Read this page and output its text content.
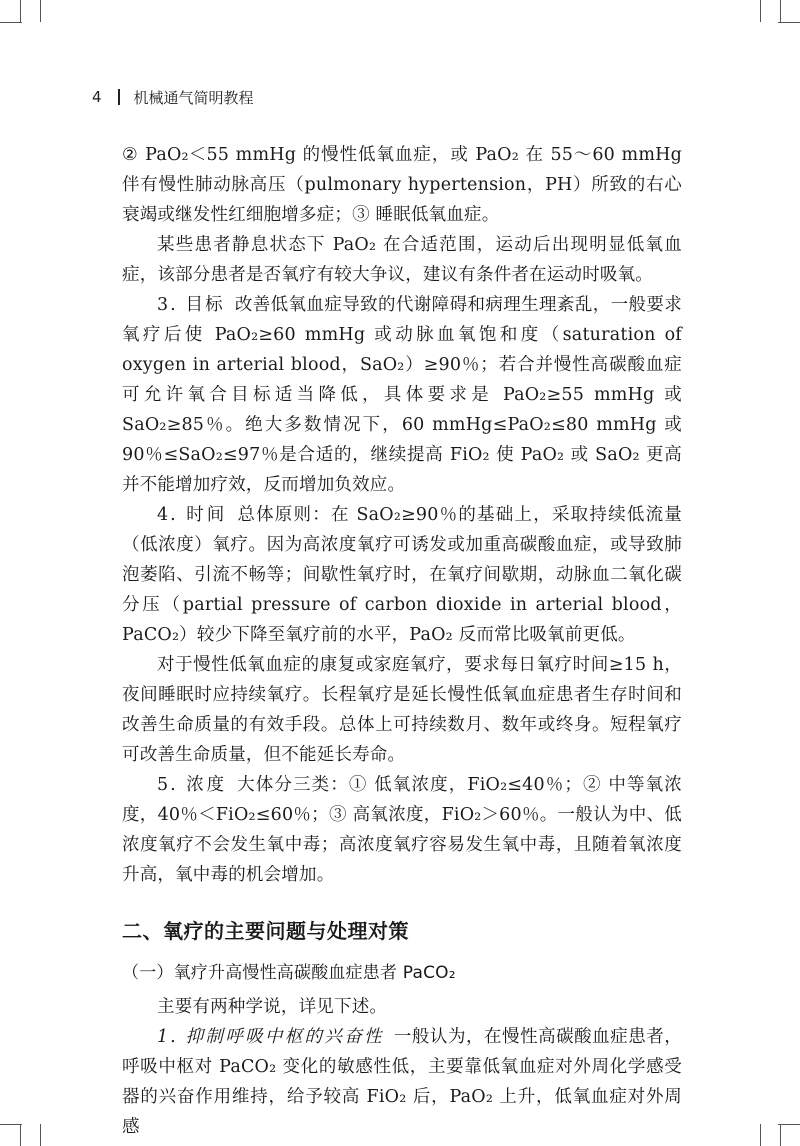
4 机械通气简明教程

② PaO₂＜55 mmHg 的慢性低氧血症，或 PaO₂ 在 55～60 mmHg 伴有慢性肺动脉高压（pulmonary hypertension，PH）所致的右心衰竭或继发性红细胞增多症；③ 睡眠低氧血症。

某些患者静息状态下 PaO₂ 在合适范围，运动后出现明显低氧血症，该部分患者是否氧疗有较大争议，建议有条件者在运动时吸氧。

3. 目标 改善低氧血症导致的代谢障碍和病理生理紊乱，一般要求氧疗后使 PaO₂≥60 mmHg 或动脉血氧饱和度（saturation of oxygen in arterial blood，SaO₂）≥90％；若合并慢性高碳酸血症可允许氧合目标适当降低，具体要求是 PaO₂≥55 mmHg 或 SaO₂≥85％。绝大多数情况下，60 mmHg≤PaO₂≤80 mmHg 或 90％≤SaO₂≤97％是合适的，继续提高 FiO₂ 使 PaO₂ 或 SaO₂ 更高并不能增加疗效，反而增加负效应。

4. 时间 总体原则：在 SaO₂≥90％的基础上，采取持续低流量（低浓度）氧疗。因为高浓度氧疗可诱发或加重高碳酸血症，或导致肺泡萎陷、引流不畅等；间歇性氧疗时，在氧疗间歇期，动脉血二氧化碳分压（partial pressure of carbon dioxide in arterial blood，PaCO₂）较少下降至氧疗前的水平，PaO₂ 反而常比吸氧前更低。

对于慢性低氧血症的康复或家庭氧疗，要求每日氧疗时间≥15 h，夜间睡眠时应持续氧疗。长程氧疗是延长慢性低氧血症患者生存时间和改善生命质量的有效手段。总体上可持续数月、数年或终身。短程氧疗可改善生命质量，但不能延长寿命。

5. 浓度 大体分三类：① 低氧浓度，FiO₂≤40％；② 中等氧浓度，40％＜FiO₂≤60％；③ 高氧浓度，FiO₂＞60％。一般认为中、低浓度氧疗不会发生氧中毒；高浓度氧疗容易发生氧中毒，且随着氧浓度升高，氧中毒的机会增加。

二、氧疗的主要问题与处理对策
（一）氧疗升高慢性高碳酸血症患者 PaCO₂

主要有两种学说，详见下述。

1. 抑制呼吸中枢的兴奋性 一般认为，在慢性高碳酸血症患者，呼吸中枢对 PaCO₂ 变化的敏感性低，主要靠低氧血症对外周化学感受器的兴奋作用维持，给予较高 FiO₂ 后，PaO₂ 上升，低氧血症对外周感
